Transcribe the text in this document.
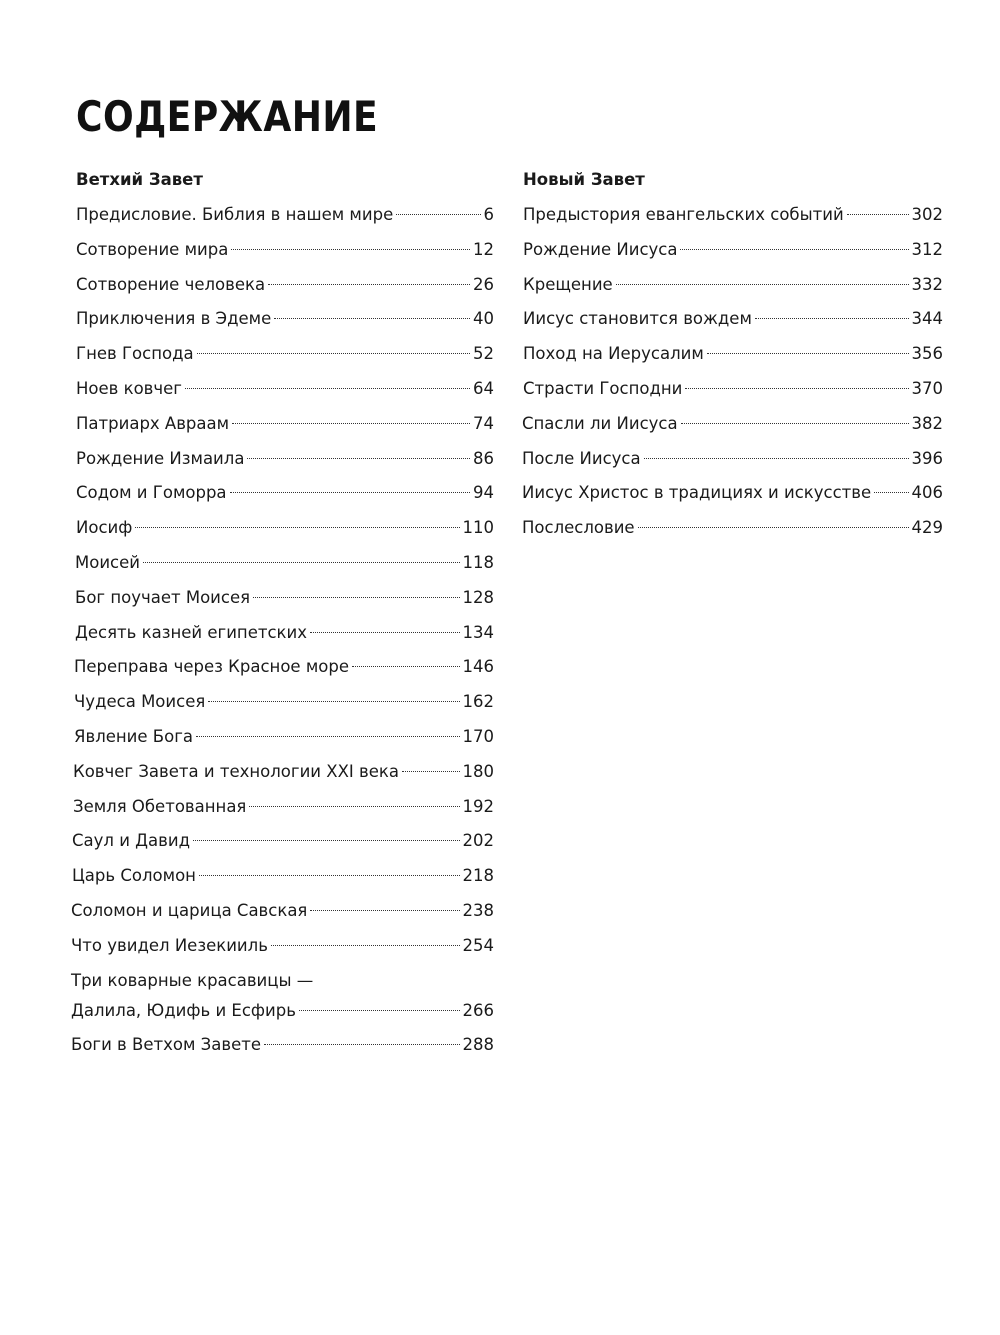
СОДЕРЖАНИЕ
Ветхий Завет
Предисловие. Библия в нашем мире	6
Сотворение мира	12
Сотворение человека	26
Приключения в Эдеме	40
Гнев Господа	52
Ноев ковчег	64
Патриарх Авраам	74
Рождение Измаила	86
Содом и Гоморра	94
Иосиф	110
Моисей	118
Бог поучает Моисея	128
Десять казней египетских	134
Переправа через Красное море	146
Чудеса Моисея	162
Явление Бога	170
Ковчег Завета и технологии XXI века	180
Земля Обетованная	192
Саул и Давид	202
Царь Соломон	218
Соломон и царица Савская	238
Что увидел Иезекииль	254
Три коварные красавицы —
Далила, Юдифь и Есфирь	266
Боги в Ветхом Завете	288
Новый Завет
Предыстория евангельских событий	302
Рождение Иисуса	312
Крещение	332
Иисус становится вождем	344
Поход на Иерусалим	356
Страсти Господни	370
Спасли ли Иисуса	382
После Иисуса	396
Иисус Христос в традициях и искусстве 406
Послесловие	429
